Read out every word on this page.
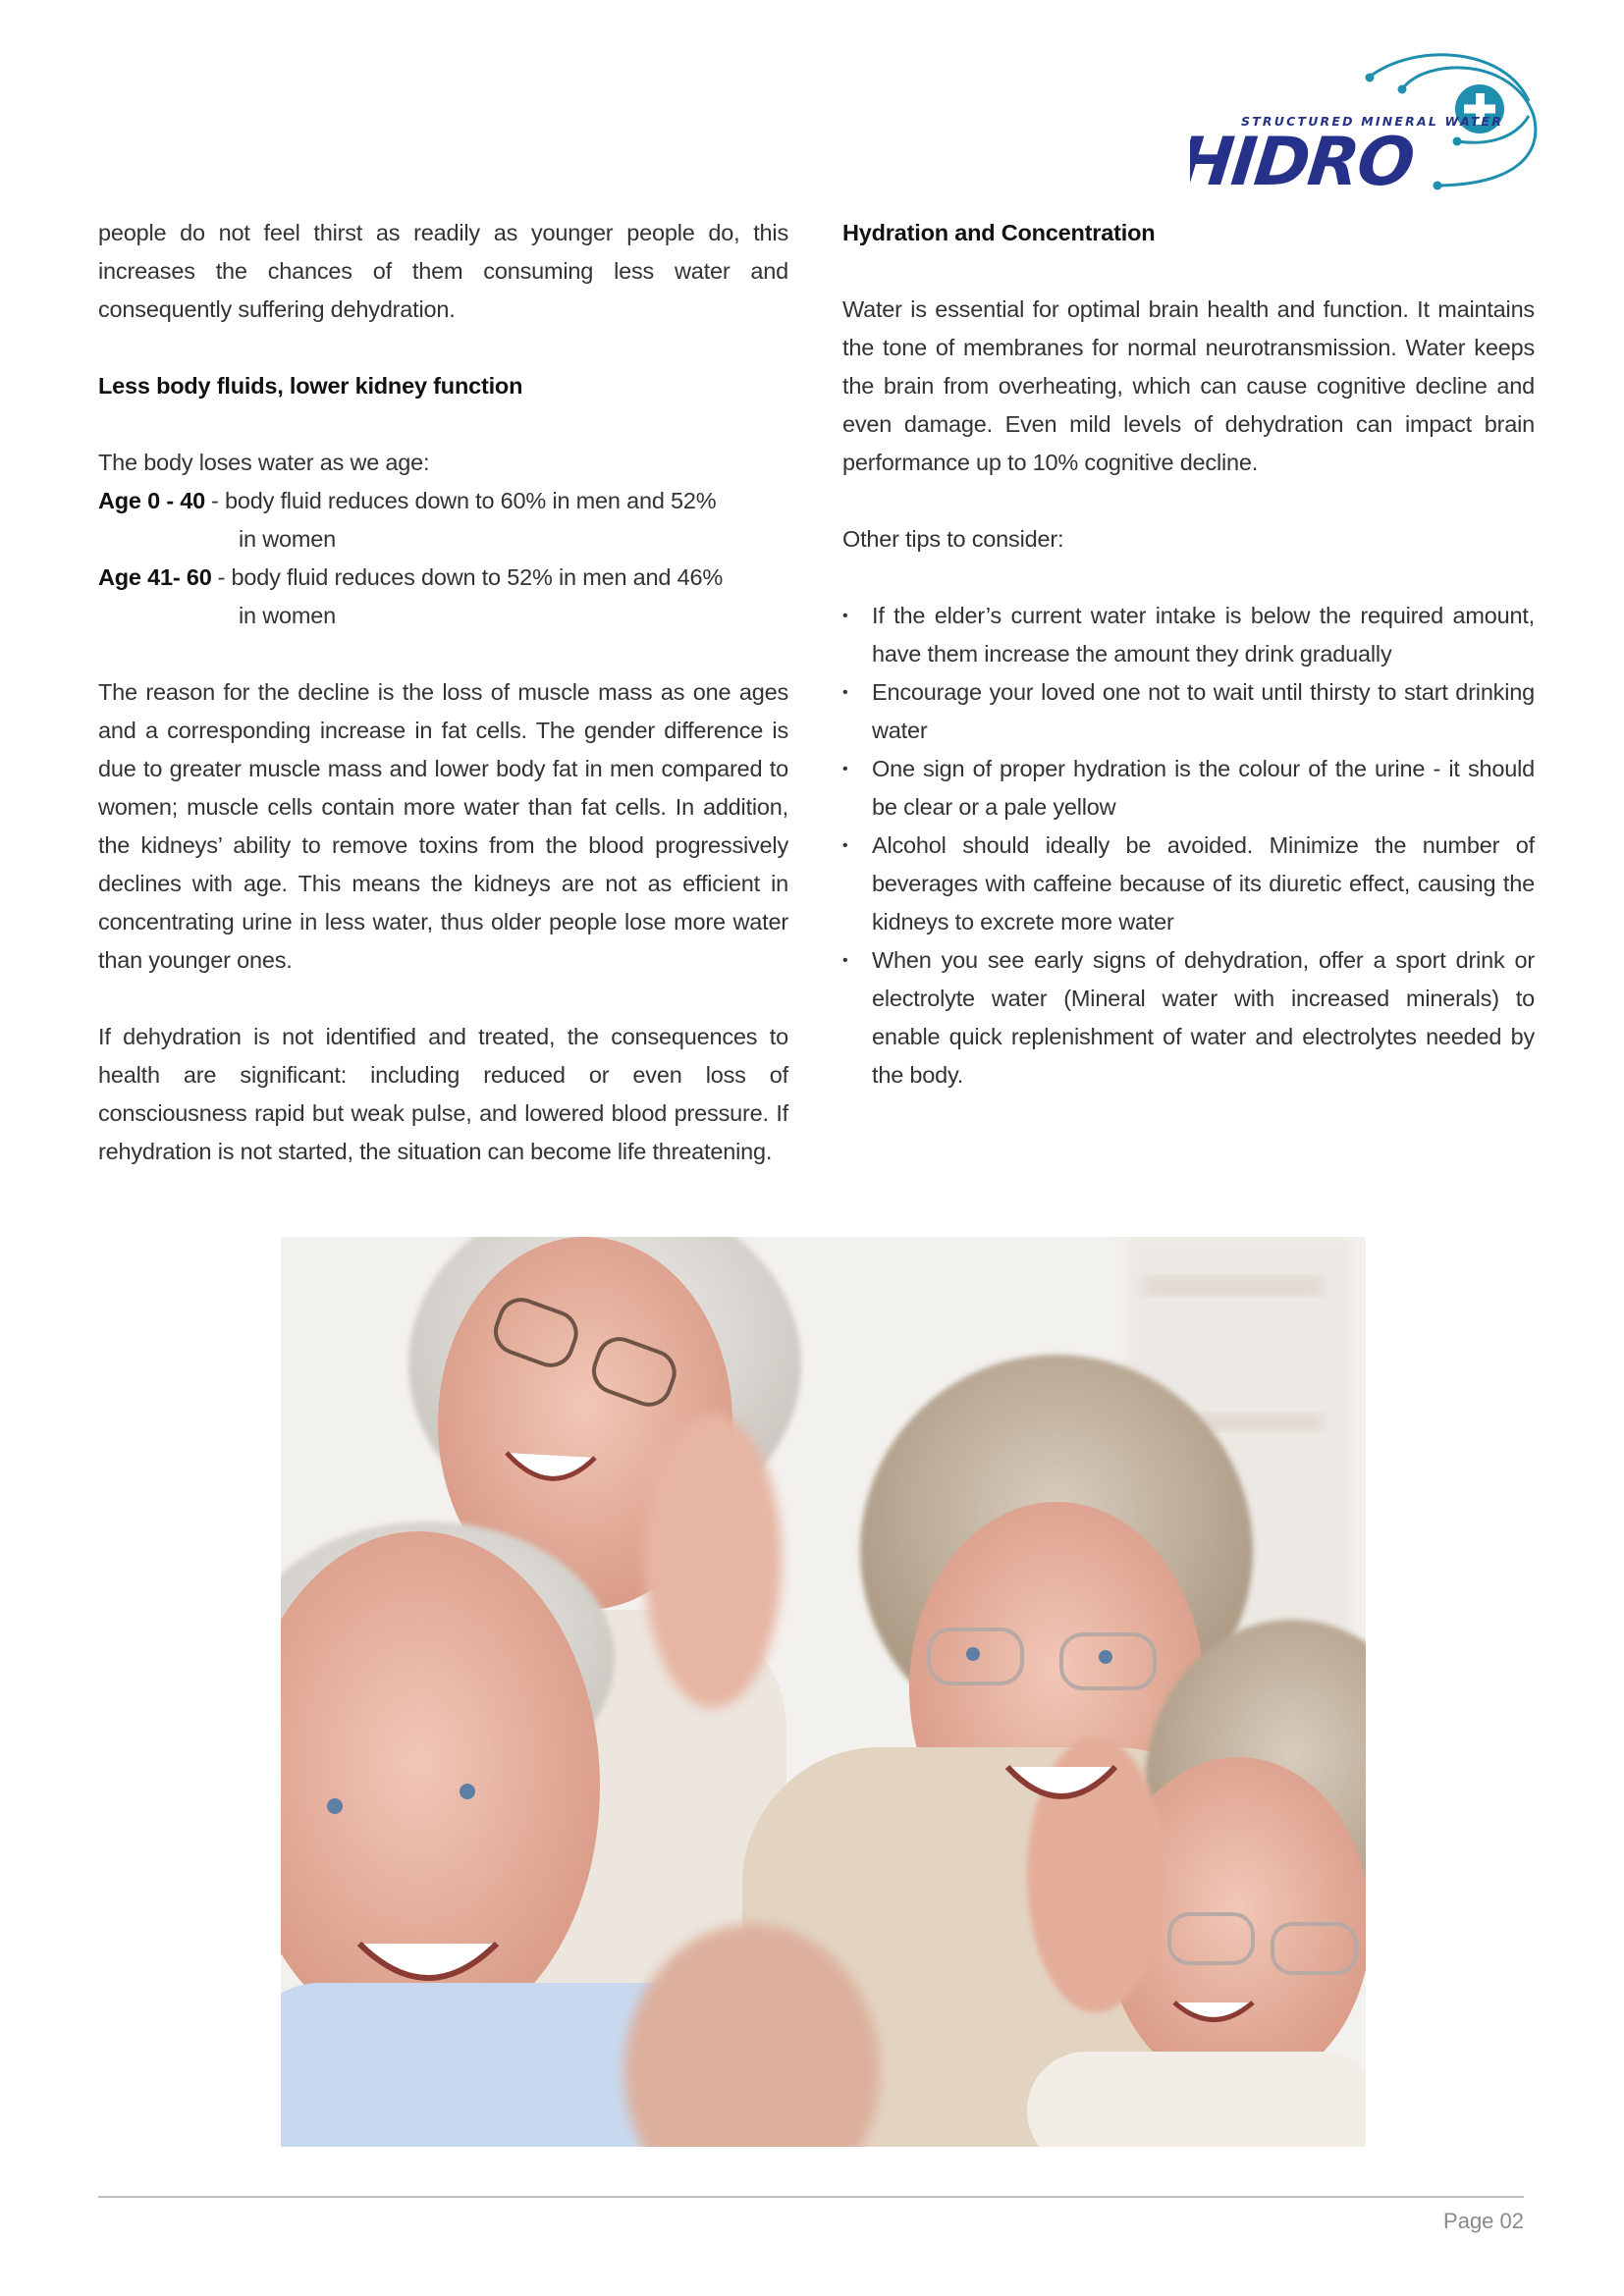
STRUCTURED MINERAL WATER
HIDRO

people do not feel thirst as readily as younger people do, this increases the chances of them consuming less water and consequently suffering dehydration.

Less body fluids, lower kidney function

The body loses water as we age:

Age 0 - 40 - body fluid reduces down to 60% in men and 52%
in women
Age 41- 60 - body fluid reduces down to 52% in men and 46%
in women

The reason for the decline is the loss of muscle mass as one ages and a corresponding increase in fat cells. The gender difference is due to greater muscle mass and lower body fat in men compared to women; muscle cells contain more water than fat cells. In addition, the kidneys’ ability to remove toxins from the blood progressively declines with age. This means the kidneys are not as efficient in concentrating urine in less water, thus older people lose more water than younger ones.

If dehydration is not identified and treated, the consequences to health are significant: including reduced or even loss of consciousness rapid but weak pulse, and lowered blood pressure. If rehydration is not started, the situation can become life threatening.

Hydration and Concentration

Water is essential for optimal brain health and function. It maintains the tone of membranes for normal neurotransmission. Water keeps the brain from overheating, which can cause cognitive decline and even damage. Even mild levels of dehydration can impact brain performance up to 10% cognitive decline.

Other tips to consider:

• If the elder’s current water intake is below the required amount, have them increase the amount they drink gradually
• Encourage your loved one not to wait until thirsty to start drinking water
• One sign of proper hydration is the colour of the urine - it should be clear or a pale yellow
• Alcohol should ideally be avoided. Minimize the number of beverages with caffeine because of its diuretic effect, causing the kidneys to excrete more water
• When you see early signs of dehydration, offer a sport drink or electrolyte water (Mineral water with increased minerals) to enable quick replenishment of water and electrolytes needed by the body.
Page 02
